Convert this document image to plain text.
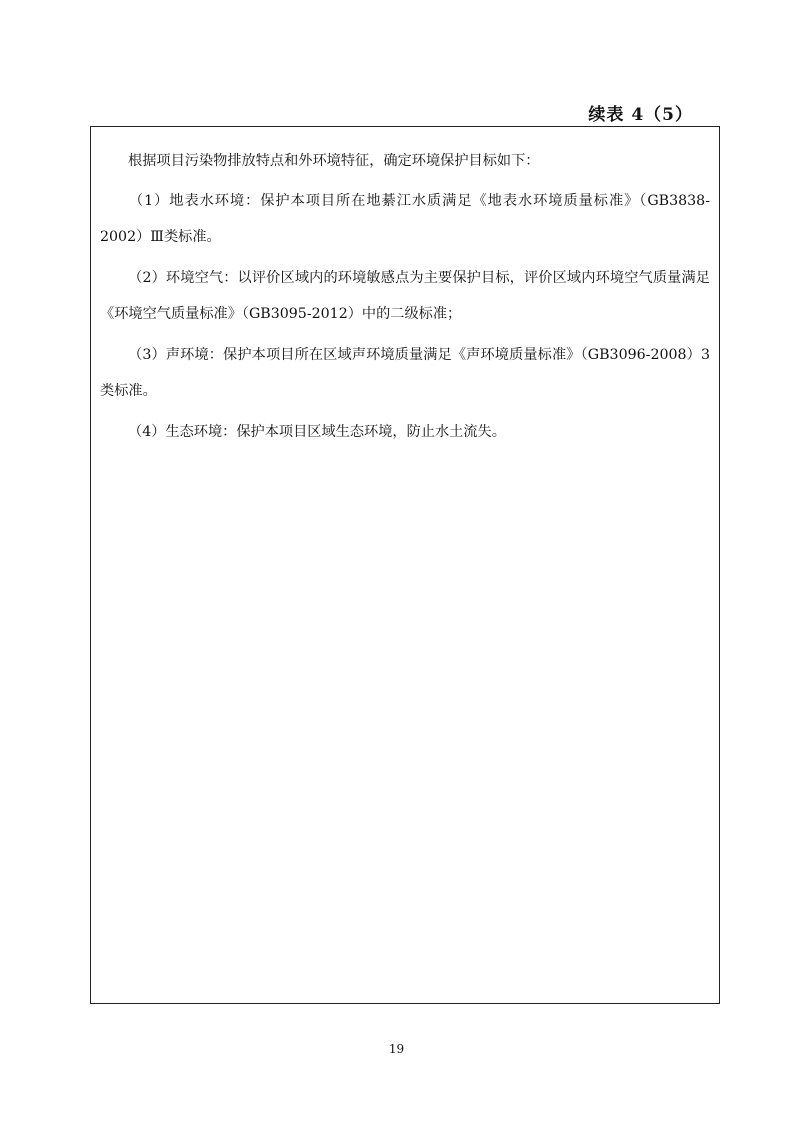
续表 4（5）

根据项目污染物排放特点和外环境特征，确定环境保护目标如下：

（1）地表水环境：保护本项目所在地綦江水质满足《地表水环境质量标准》（GB3838-2002）Ⅲ类标准。

（2）环境空气：以评价区域内的环境敏感点为主要保护目标，评价区域内环境空气质量满足《环境空气质量标准》（GB3095-2012）中的二级标准；

（3）声环境：保护本项目所在区域声环境质量满足《声环境质量标准》（GB3096-2008）3 类标准。

（4）生态环境：保护本项目区域生态环境，防止水土流失。

19
